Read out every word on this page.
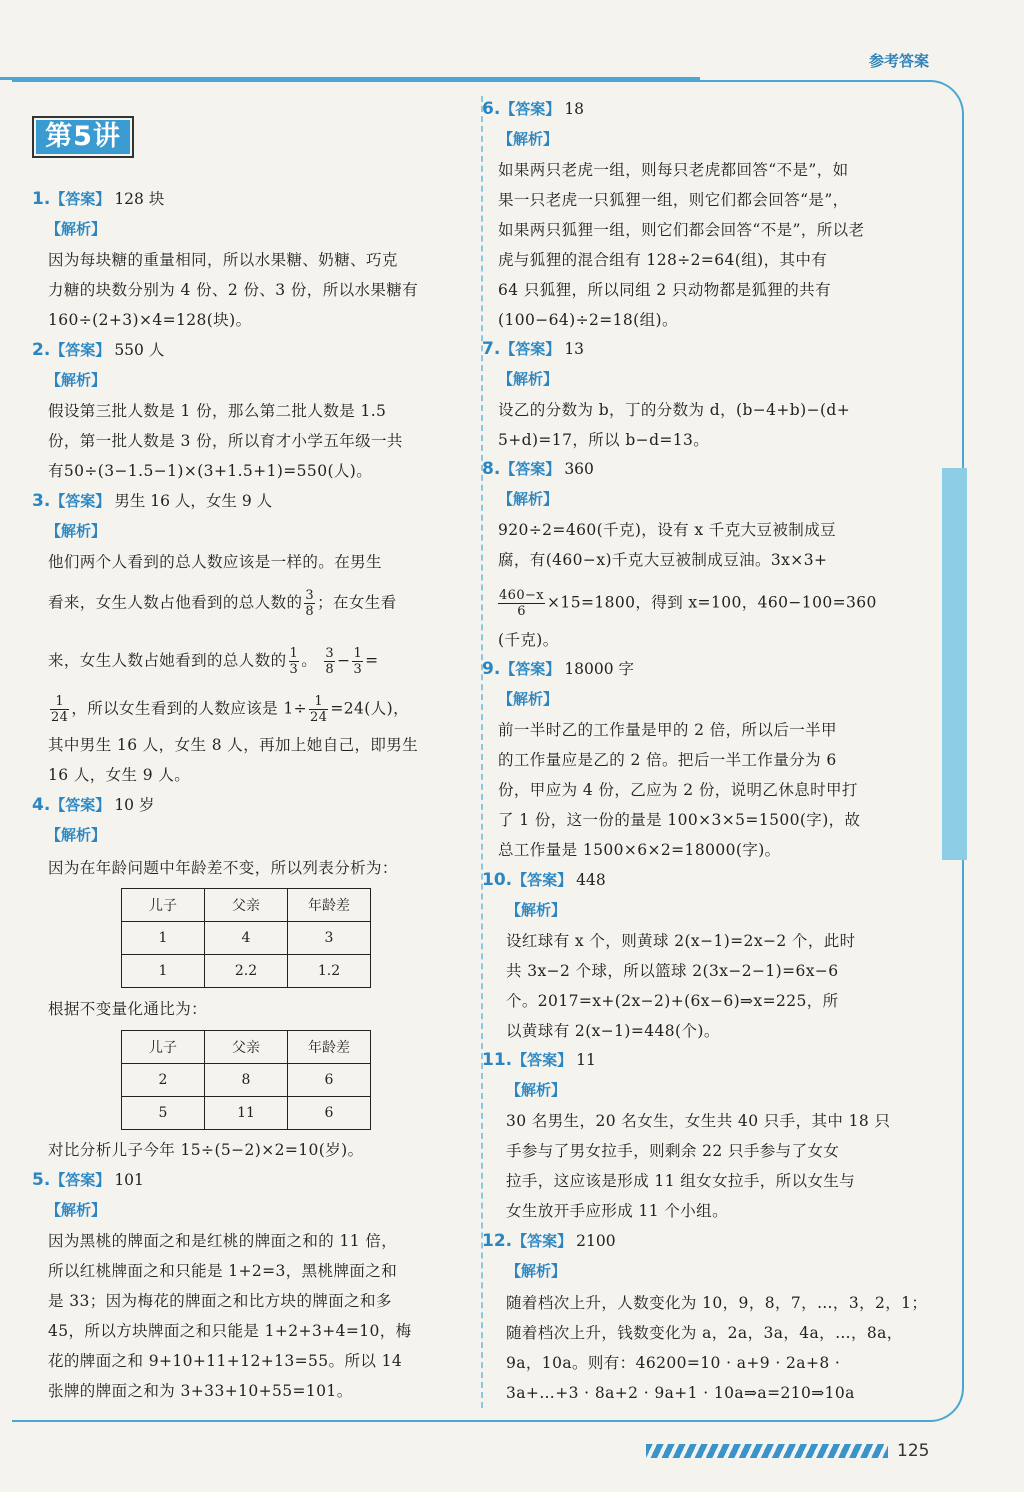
参考答案
125
第5讲
1.【答案】 128 块
【解析】
因为每块糖的重量相同，所以水果糖、奶糖、巧克
力糖的块数分别为 4 份、2 份、3 份，所以水果糖有
160÷(2+3)×4=128(块)。
2.【答案】 550 人
【解析】
假设第三批人数是 1 份，那么第二批人数是 1.5
份，第一批人数是 3 份，所以育才小学五年级一共
有50÷(3−1.5−1)×(3+1.5+1)=550(人)。
3.【答案】 男生 16 人，女生 9 人
【解析】
他们两个人看到的总人数应该是一样的。在男生
看来，女生人数占他看到的总人数的 $\frac{3}{8}$ ；在女生看
来，女生人数占她看到的总人数的 $\frac{1}{3}$ 。 $\frac{3}{8} - \frac{1}{3}$ =
$\frac{1}{24}$ ，所以女生看到的人数应该是 $1\div \frac{1}{24} =24$(人)，
其中男生 16 人，女生 8 人，再加上她自己，即男生
16 人，女生 9 人。
4.【答案】 10 岁
【解析】
因为在年龄问题中年龄差不变，所以列表分析为：
儿子	父亲	年龄差
1	4	3
1	2.2	1.2
根据不变量化通比为：
儿子	父亲	年龄差
2	8	6
5	11	6
对比分析儿子今年 15÷(5−2)×2=10(岁)。
5.【答案】 101
【解析】
因为黑桃的牌面之和是红桃的牌面之和的 11 倍，
所以红桃牌面之和只能是 1+2=3，黑桃牌面之和
是 33；因为梅花的牌面之和比方块的牌面之和多
45，所以方块牌面之和只能是 1+2+3+4=10，梅
花的牌面之和 9+10+11+12+13=55。所以 14
张牌的牌面之和为 3+33+10+55=101。
6.【答案】 18
【解析】
如果两只老虎一组，则每只老虎都回答“不是”，如
果一只老虎一只狐狸一组，则它们都会回答“是”，
如果两只狐狸一组，则它们都会回答“不是”，所以老
虎与狐狸的混合组有 128÷2=64(组)，其中有
64 只狐狸，所以同组 2 只动物都是狐狸的共有
(100−64)÷2=18(组)。
7.【答案】 13
【解析】
设乙的分数为 b，丁的分数为 d，(b−4+b)−(d+
5+d)=17，所以 b−d=13。
8.【答案】 360
【解析】
920÷2=460(千克)，设有 x 千克大豆被制成豆
腐，有(460−x)千克大豆被制成豆油。3x×3+
$\frac{460-x}{6} \times 15=1800$，得到 x=100，460−100=360
(千克)。
9.【答案】 18000 字
【解析】
前一半时乙的工作量是甲的 2 倍，所以后一半甲
的工作量应是乙的 2 倍。把后一半工作量分为 6
份，甲应为 4 份，乙应为 2 份，说明乙休息时甲打
了 1 份，这一份的量是 100×3×5=1500(字)，故
总工作量是 1500×6×2=18000(字)。
10.【答案】 448
【解析】
设红球有 x 个，则黄球 2(x−1)=2x−2 个，此时
共 3x−2 个球，所以篮球 2(3x−2−1)=6x−6
个。2017=x+(2x−2)+(6x−6)⇒x=225，所
以黄球有 2(x−1)=448(个)。
11.【答案】 11
【解析】
30 名男生，20 名女生，女生共 40 只手，其中 18 只
手参与了男女拉手，则剩余 22 只手参与了女女
拉手，这应该是形成 11 组女女拉手，所以女生与
女生放开手应形成 11 个小组。
12.【答案】 2100
【解析】
随着档次上升，人数变化为 10，9，8，7，…，3，2，1；
随着档次上升，钱数变化为 a，2a，3a，4a，…，8a，
9a，10a。则有：46200=10 · a+9 · 2a+8 ·
3a+…+3 · 8a+2 · 9a+1 · 10a⇒a=210⇒10a
